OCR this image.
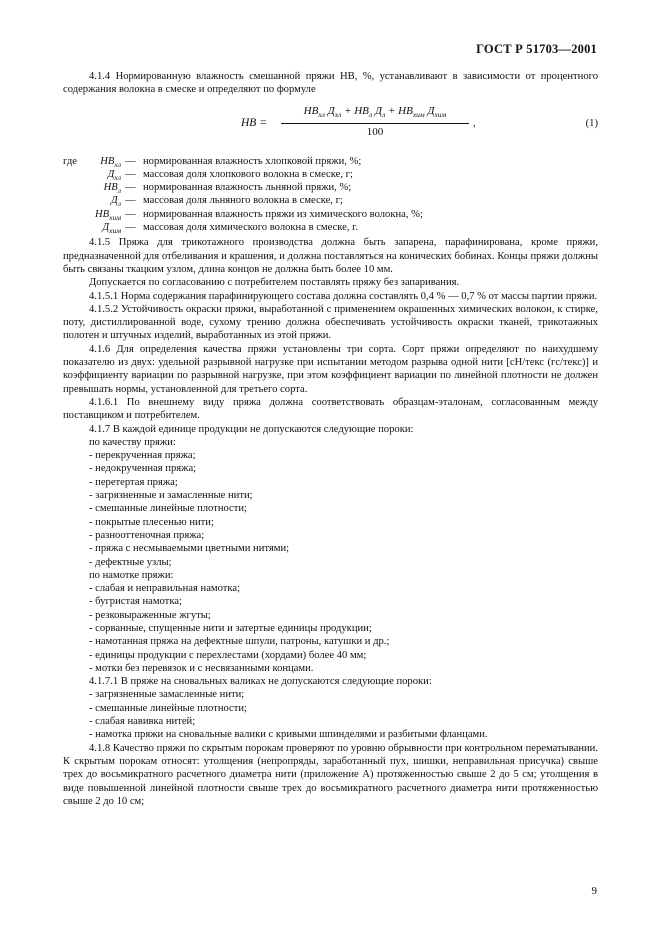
ГОСТ Р 51703—2001

4.1.4 Нормированную влажность смешанной пряжи HB, %, устанавливают в зависимости от процентного содержания волокна в смеске и определяют по формуле

HB =
$HB_{хл}$ $Д_{хл} + HB_л$ $Д_л + HB_{хим}$ $Д_{хим}$
100
,	(1)
где	$HB_{хл}$ — нормированная влажность хлопковой пряжи, %;
$Д_{хл}$ — массовая доля хлопкового волокна в смеске, г;
$HB_л$ — нормированная влажность льняной пряжи, %;
$Д_л$ — массовая доля льняного волокна в смеске, г;
$HB_{хим}$ — нормированная влажность пряжи из химического волокна, %;
$Д_{хим}$ — массовая доля химического волокна в смеске, г.

4.1.5 Пряжа для трикотажного производства должна быть запарена, парафинирована, кроме пряжи, предназначенной для отбеливания и крашения, и должна поставляться на конических бобинах. Концы пряжи должны быть связаны ткацким узлом, длина концов не должна быть более 10 мм.

Допускается по согласованию с потребителем поставлять пряжу без запаривания.

4.1.5.1 Норма содержания парафинирующего состава должна составлять 0,4 % — 0,7 % от массы партии пряжи.

4.1.5.2 Устойчивость окраски пряжи, выработанной с применением окрашенных химических волокон, к стирке, поту, дистиллированной воде, сухому трению должна обеспечивать устойчивость окраски тканей, трикотажных полотен и штучных изделий, выработанных из этой пряжи.

4.1.6 Для определения качества пряжи установлены три сорта. Сорт пряжи определяют по наихудшему показателю из двух: удельной разрывной нагрузке при испытании методом разрыва одной нити [сН/текс (гс/текс)] и коэффициенту вариации по разрывной нагрузке, при этом коэффициент вариации по линейной плотности не должен превышать нормы, установленной для третьего сорта.

4.1.6.1 По внешнему виду пряжа должна соответствовать образцам-эталонам, согласованным между поставщиком и потребителем.

4.1.7 В каждой единице продукции не допускаются следующие пороки:

по качеству пряжи:

- перекрученная пряжа;

- недокрученная пряжа;

- перетертая пряжа;

- загрязненные и замасленные нити;

- смешанные линейные плотности;

- покрытые плесенью нити;

- разнооттеночная пряжа;

- пряжа с несмываемыми цветными нитями;

- дефектные узлы;

по намотке пряжи:

- слабая и неправильная намотка;

- бугристая намотка;

- резковыраженные жгуты;

- сорванные, спущенные нити и затертые единицы продукции;

- намотанная пряжа на дефектные шпули, патроны, катушки и др.;

- единицы продукции с перехлестами (хордами) более 40 мм;

- мотки без перевязок и с несвязанными концами.

4.1.7.1 В пряже на сновальных валиках не допускаются следующие пороки:

- загрязненные замасленные нити;

- смешанные линейные плотности;

- слабая навивка нитей;

- намотка пряжи на сновальные валики с кривыми шпинделями и разбитыми фланцами.

4.1.8 Качество пряжи по скрытым порокам проверяют по уровню обрывности при контрольном перематывании. К скрытым порокам относят: утолщения (непропряды, заработанный пух, шишки, неправильная присучка) свыше трех до восьмикратного расчетного диаметра нити (приложение А) протяженностью свыше 2 до 5 см; утолщения в виде повышенной линейной плотности свыше трех до восьмикратного расчетного диаметра нити протяженностью свыше 2 до 10 см;

9
